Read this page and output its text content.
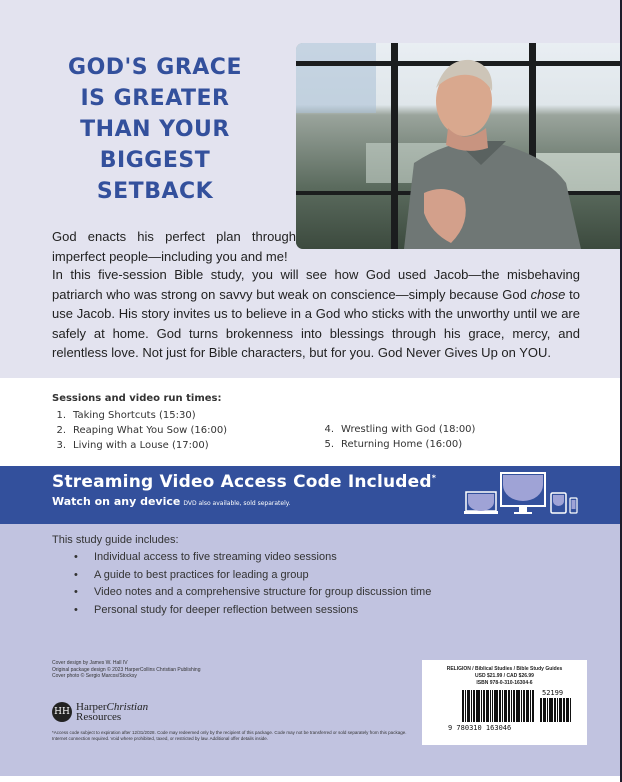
GOD'S GRACE
IS GREATER
THAN YOUR
BIGGEST
SETBACK
God enacts his perfect plan through imperfect people—including you and me!
In this five-session Bible study, you will see how God used Jacob—the misbehaving patriarch who was strong on savvy but weak on conscience—simply because God chose to use Jacob. His story invites us to believe in a God who sticks with the unworthy until we are safely at home. God turns brokenness into blessings through his grace, mercy, and relentless love. Not just for Bible characters, but for you. God Never Gives Up on YOU.
Sessions and video run times:
1. Taking Shortcuts (15:30)
2. Reaping What You Sow (16:00)
3. Living with a Louse (17:00)
4. Wrestling with God (18:00)
5. Returning Home (16:00)
Streaming Video Access Code Included*
Watch on any device DVD also available, sold separately.
This study guide includes:
•	Individual access to five streaming video sessions
•	A guide to best practices for leading a group
•	Video notes and a comprehensive structure for group discussion time
•	Personal study for deeper reflection between sessions
Cover design by James W. Hall IV
Original package design © 2023 HarperCollins Christian Publishing
Cover photo © Sergio Marcos/Stocksy
HH HarperChristian
Resources
*Access code subject to expiration after 12/31/2028. Code may redeemed only by the recipient of this package. Code may not be transferred or sold separately from this package. Internet connection required. Void where prohibited, taxed, or restricted by law. Additional offer details inside.
RELIGION / Biblical Studies / Bible Study Guides
USD $21.99 / CAD $26.99
ISBN 978-0-310-16304-6
52199
9 780310 163046
